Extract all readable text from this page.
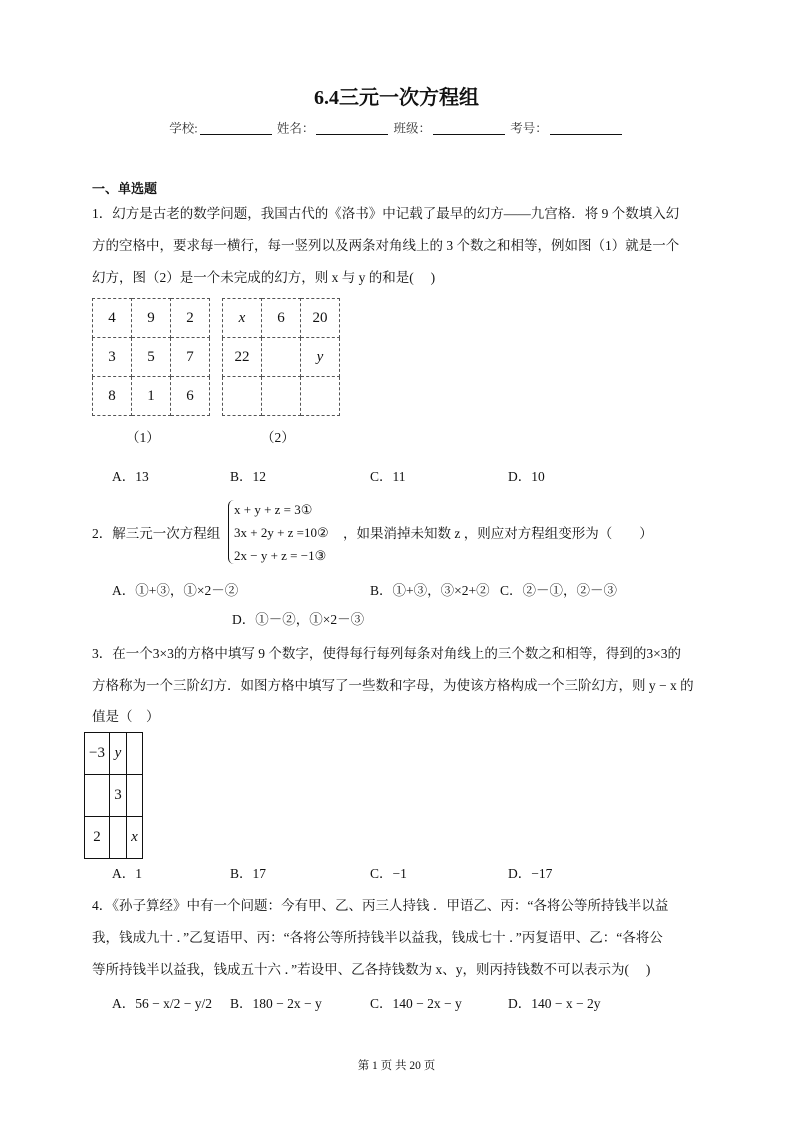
6.4三元一次方程组
学校:	姓名：	班级：	考号：
一、单选题
1．幻方是古老的数学问题，我国古代的《洛书》中记载了最早的幻方——九宫格．将 9 个数填入幻
方的空格中，要求每一横行，每一竖列以及两条对角线上的 3 个数之和相等，例如图（1）就是一个
幻方，图（2）是一个未完成的幻方，则 x 与 y 的和是(　 )
4	9	2
3	5	7
8	1	6
x	6	20
22		y

（1）	（2）
A．13	B．12	C．11	D．10
2．解三元一次方程组
x + y + z = 3①
3x + 2y + z =10②
2x − y + z = −1③
，如果消掉未知数 z ，则应对方程组变形为（　　）
A．①+③，①×2－②	B．①+③，③×2+② C．②－①，②－③
D．①－②，①×2－③
3．在一个3×3的方格中填写 9 个数字，使得每行每列每条对角线上的三个数之和相等，得到的3×3的
方格称为一个三阶幻方．如图方格中填写了一些数和字母，为使该方格构成一个三阶幻方，则 y − x 的
值是（　）
−3	y	
	3	
2		x
A．1	B．17	C．−1	D．−17
4．《孙子算经》中有一个问题：今有甲、乙、丙三人持钱 ．甲语乙、丙：“各将公等所持钱半以益
我，钱成九十 ．”乙复语甲、丙：“各将公等所持钱半以益我，钱成七十 ．”丙复语甲、乙：“各将公
等所持钱半以益我，钱成五十六 ．”若设甲、乙各持钱数为 x、y，则丙持钱数不可以表示为(　 )
A．56 − x/2 − y/2 B．180 − 2x − y	C．140 − 2x − y	D．140 − x − 2y
第 1 页 共 20 页
